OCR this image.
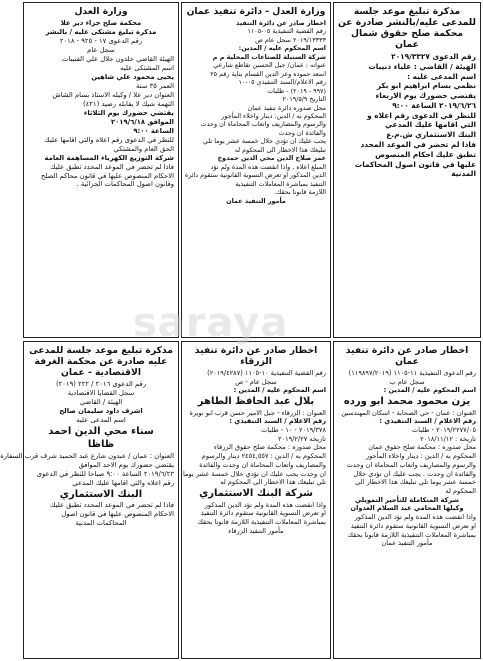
مذكرة تبليغ موعد جلسة للمدعى عليه/بالنشر صادرة عن محكمة صلح حقوق شمال عمان
رقم الدعوى ٢٠١٩/٣٣٢٧
الهيئة / القاضي : علياء ذنيبات
اسم المدعى عليه :
نظمي بسام ابراهيم ابو بكر
يقتضي حضورك يوم الاربعاء
٢٠١٩/٦/٢٦ الساعة ٩:٠٠
للنظر في الدعوى رقم اعلاه و
التي اقامها عليك المدعي
البنك الاستثماري ش.م.ع
فاذا لم تحضر في الموعد المحدد
تطبق عليك احكام المنصوص
عليها في قانون اصول المحاكمات
المدنية
وزارة العدل - دائرة تنفيذ عمان
اخطار صادر عن دائرة التنفيذ
رقم القضية التنفيذية ٠٥-١١٠٥
٢٠١٩/١٣٣٣٣ سجل عام ص
اسم المحكوم عليه / المدين:
شركة السنبلة للصناعات المحلية م م
عنوانه : عمان/ جبل الحسين تقاطع شارعي
اسعد حموده وعز الدين القسام بناية رقم ٢٥
رقم الاعلام/السند التنفيذي ٠٥-١٠
(٩٩٧ - ٢٠١٩) - طلبات
التاريخ ٢٠١٩/٥/٩
محل صدوره دائرة تنفيذ عمان
المحكوم به / الدين: دينار واخلاء المأجور
والرسوم والمصاريف واتعاب المحاماة ان وجدت
والفائدة ان وجدت
يجب عليك ان تؤدي خلال خمسة عشر يوما تلي
تبليغك هذا الاخطار الى المحكوم له
عمر صلاح الدين محي الدين حمدوخ
المبلغ اعلاه , واذا انقضت هذه المدة ولم تؤد
الدين المذكور او تعرض التسوية القانونية ستقوم دائرة
التنفيذ بمباشرة المعاملات التنفيذية
اللازمة قانونا بحقك.
مأمور التنفيذ عمان
وزارة العدل
محكمة صلح جزاء دير علا
مذكرة تبليغ مشتكى عليه / بالنشر
رقم الدعوى ١٧ - ٩٢٥ - ٢٠١٨
سجل عام
الهيئة القاضي خلدون جلال علي القنيبات
اسم المشتكى عليه
يحيى محمود علي شاهين
العمر ٣٥ سنة
العنوان دير علا / وكيله الاستاذ بسام الشاش
التهمة شيك لا يقابله رصيد (٤٢١)
يقتضي حضورك يوم الثلاثاء
الموافق ٢٠١٩/٦/١٨
الساعة ٩:٠٠
للنظر في الدعوى رقم اعلاه والتي اقامها عليك
الحق العام والمشتكي
شركة التوزيع الكهرباء المساهمة العامة
فاذا لم تحضر في الموعد المحدد تطبق عليك
الاحكام المنصوص عليها في قانون محاكم الصلح
وقانون اصول المحاكمات الجزائية .
اخطار صادر عن دائرة تنفيذ عمان
رقم الدعوى التنفيذية ١١-١١٠٥ (١١٩٨٩٧/٢٠١٩)
سجل عام ب
اسم المحكوم عليه / المدين :
يزن محمود محمد ابو ورده
العنوان : عمان - حي الصحابة - اسكان المهندسين
رقم الاعلام / السند التنفيذي :
٢٠١٩/٢٢٧٧/٠٥ - طلبات
تاريخه : ٢٠١٨/١١/١٢
محل صدوره : محكمة صلح حقوق عمان
المحكوم به / الدين : دينار واخلاء المأجور
والرسوم والمصاريف واتعاب المحاماة ان وجدت
والفائدة ان وجدت . يجب عليك ان تؤدي خلال
خمسة عشر يوما تلي تبليغك هذا الاخطار الى
المحكوم له
شركة المتكاملة للتأجير التمويلي
وكيلها المحامي عبد السلام العدوان
واذا انقضت هذه المدة ولم تؤد الدين المذكور
او تعرض التسوية القانونية ستقوم دائرة التنفيذ
بمباشرة المعاملات التنفيذية اللازمة قانونا بحقك
مأمور التنفيذ عمان
اخطار صادر عن دائرة تنفيذ الزرقاء
رقم القضية التنفيذية ١٠-١١٠٥ (٢٠١٩/٤٢٨٧)
سجل عام - ص
اسم المحكوم عليه / المدين :
بلال عبد الحافظ الطاهر
العنوان : الزرقاء - جبل الامير حسن قرب ابو نويرة
رقم الاعلام / السند التنفيذي :
٢٠١٩/٣٧٨ - ١٠ - طلبات
تاريخه ٢٠١٩/٢/٢٧
محل صدوره : محكمة صلح حقوق الزرقاء
المحكوم به / الدين : ٢٤٥٤,٥٥٧ دينار والرسوم
والمصاريف واتعاب المحاماة ان وجدت والفائدة
ان وجدت يجب عليك ان تؤدي خلال خمسة عشر يوما
تلي تبليغك هذا الاخطار الى المحكوم له
شركة البنك الاستثماري
واذا انقضت هذه المدة ولم تؤد الدين المذكور
او تعرض التسوية القانونية ستقوم دائرة التنفيذ
بمباشرة المعاملات التنفيذية اللازمة قانونا بحقك
مأمور التنفيذ الزرقاء
مذكرة تبليغ موعد جلسة للمدعى عليه صادرة عن محكمة الغرفة الاقتصادية - عمان
رقم الدعوى ٢٠١٦ / ٢٢٢ (٢٠١٩)
سجل القضايا الاقتصادية
الهيئة / القاضي
اشرف داود سليمان صالح
اسم المدعى عليه
سناء محي الدين احمد
ظاظا
العنوان : عمان / عبدون شارع عبد الحميد شرف قرب السفارة
يقتضي حضورك يوم الاحد الموافق
٢٠١٩/٦/٢٣ الساعة ٩:٠٠ صباحا للنظر في الدعوى
رقم اعلاه والتي اقامها عليك المدعي
البنك الاستثماري
فاذا لم تحضر في الموعد المحدد تطبق عليك
الاحكام المنصوص عليها في قانون اصول
المحاكمات المدنية
saraya
